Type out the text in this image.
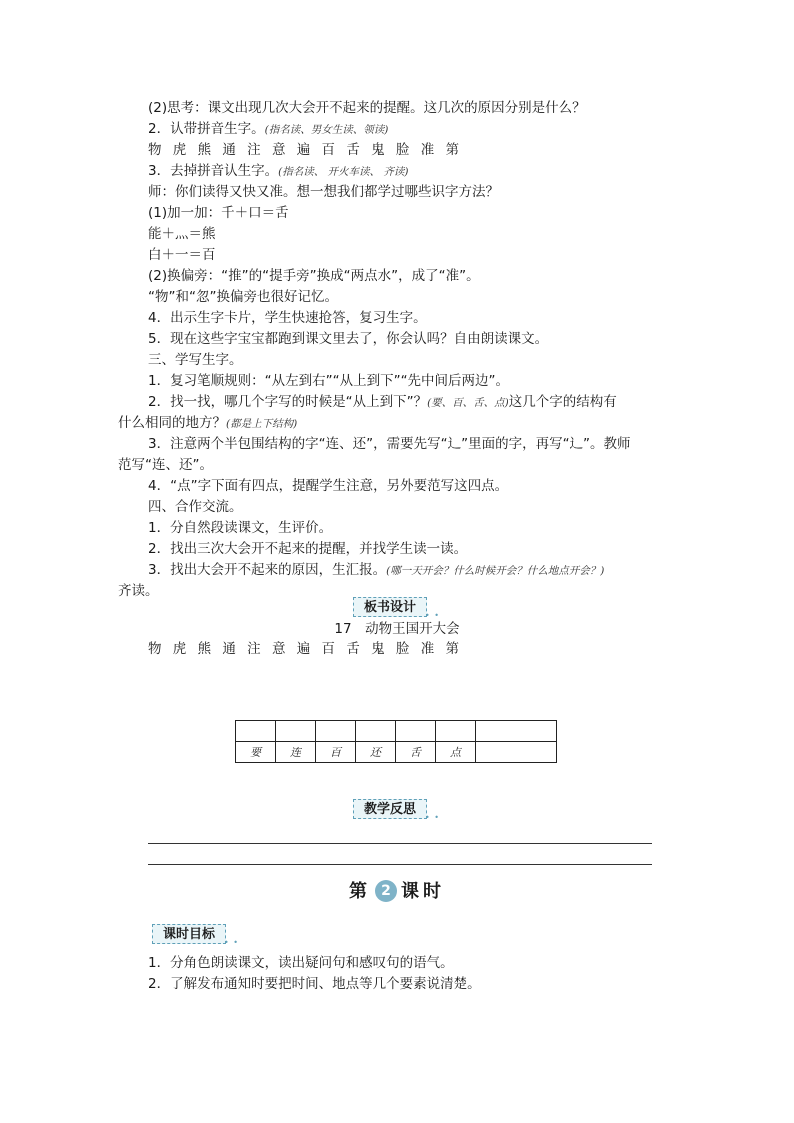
(2)思考：课文出现几次大会开不起来的提醒。这几次的原因分别是什么？
2．认带拼音生字。(指名读、男女生读、领读)
物 虎 熊 通 注 意 遍 百 舌 鬼 脸 准 第
3．去掉拼音认生字。(指名读、 开火车读、 齐读)
师：你们读得又快又准。想一想我们都学过哪些识字方法？
(1)加一加：千＋口＝舌
能＋灬＝熊
白＋一＝百
(2)换偏旁：“推”的“提手旁”换成“两点水”，成了“准”。
“物”和“忽”换偏旁也很好记忆。
4．出示生字卡片，学生快速抢答，复习生字。
5．现在这些字宝宝都跑到课文里去了，你会认吗？自由朗读课文。
三、学写生字。
1．复习笔顺规则：“从左到右”“从上到下”“先中间后两边”。
2．找一找，哪几个字写的时候是“从上到下”？(要、百、舌、点)这几个字的结构有
什么相同的地方？(都是上下结构)
3．注意两个半包围结构的字“连、还”，需要先写“辶”里面的字，再写“辶”。教师
范写“连、还”。
4．“点”字下面有四点，提醒学生注意，另外要范写这四点。
四、合作交流。
1．分自然段读课文，生评价。
2．找出三次大会开不起来的提醒，并找学生读一读。
3．找出大会开不起来的原因，生汇报。(哪一天开会？什么时候开会？什么地点开会？)
齐读。
板书设计
• •
17　动物王国开大会
物 虎 熊 通 注 意 遍 百 舌 鬼 脸 准 第

要	连	百	还	舌	点	
教学反思
• •
第 2 课时
课时目标
• •
1．分角色朗读课文，读出疑问句和感叹句的语气。
2．了解发布通知时要把时间、地点等几个要素说清楚。
